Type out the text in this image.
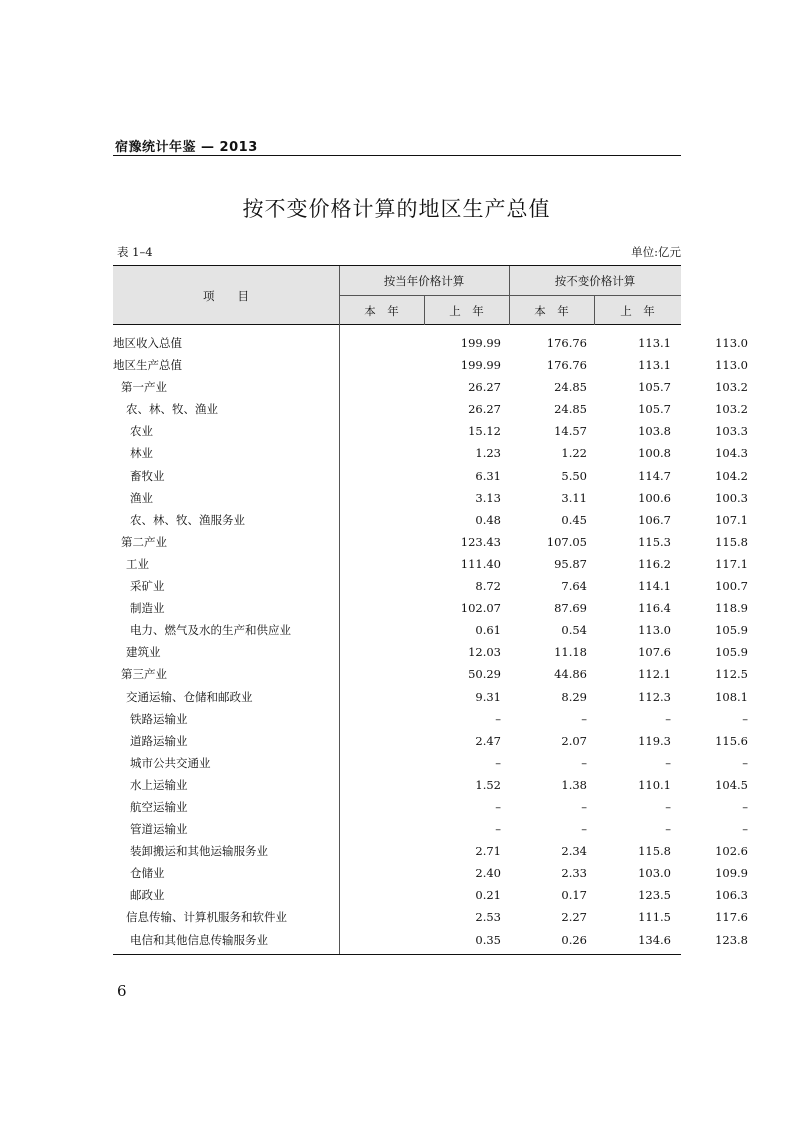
宿豫统计年鉴 — 2013
按不变价格计算的地区生产总值
表 1–4	单位:亿元
项　　目
按当年价格计算	按不变价格计算
本　年	上　年	本　年	上　年
地区收入总值	199.99	176.76	113.1	113.0
地区生产总值	199.99	176.76	113.1	113.0
第一产业	26.27	24.85	105.7	103.2
农、林、牧、渔业	26.27	24.85	105.7	103.2
农业	15.12	14.57	103.8	103.3
林业	1.23	1.22	100.8	104.3
畜牧业	6.31	5.50	114.7	104.2
渔业	3.13	3.11	100.6	100.3
农、林、牧、渔服务业	0.48	0.45	106.7	107.1
第二产业	123.43	107.05	115.3	115.8
工业	111.40	95.87	116.2	117.1
采矿业	8.72	7.64	114.1	100.7
制造业	102.07	87.69	116.4	118.9
电力、燃气及水的生产和供应业	0.61	0.54	113.0	105.9
建筑业	12.03	11.18	107.6	105.9
第三产业	50.29	44.86	112.1	112.5
交通运输、仓储和邮政业	9.31	8.29	112.3	108.1
铁路运输业	–	–	–	–
道路运输业	2.47	2.07	119.3	115.6
城市公共交通业	–	–	–	–
水上运输业	1.52	1.38	110.1	104.5
航空运输业	–	–	–	–
管道运输业	–	–	–	–
装卸搬运和其他运输服务业	2.71	2.34	115.8	102.6
仓储业	2.40	2.33	103.0	109.9
邮政业	0.21	0.17	123.5	106.3
信息传输、计算机服务和软件业	2.53	2.27	111.5	117.6
电信和其他信息传输服务业	0.35	0.26	134.6	123.8
6
